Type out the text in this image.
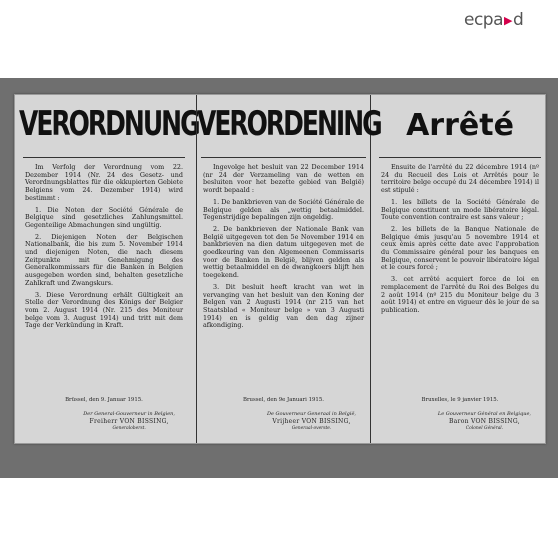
ecpa▶d
VERORDNUNG

Im Verfolg der Verordnung vom 22. Dezember 1914 (Nr. 24 des Gesetz- und Verordnungsblattes für die okkupierten Gebiete Belgiens vom 24. Dezember 1914) wird bestimmt :

1. Die Noten der Société Générale de Belgique sind gesetzliches Zahlungsmittel. Gegenteilige Abmachungen sind ungültig.

2. Diejenigen Noten der Belgischen Nationalbank, die bis zum 5. November 1914 und diejenigen Noten, die nach diesem Zeitpunkte mit Genehmigung des Generalkommissars für die Banken in Belgien ausgegeben worden sind, behalten gesetzliche Zahlkraft und Zwangskurs.

3. Diese Verordnung erhält Gültigkeit an Stelle der Verordnung des Königs der Belgier vom 2. August 1914 (Nr. 215 des Moniteur belge vom 3. August 1914) und tritt mit dem Tage der Verkündung in Kraft.

Brüssel, den 9. Januar 1915.
Der General-Gouverneur in Belgien,
Freiherr VON BISSING,
Generaloberst.
VERORDENING

Ingevolge het besluit van 22 December 1914 (nr 24 der Verzameling van de wetten en besluiten voor het bezette gebied van België) wordt bepaald :

1. De bankbrieven van de Société Générale de Belgique gelden als „wettig betaalmiddel. Tegenstrijdige bepalingen zijn ongeldig.

2. De bankbrieven der Nationale Bank van België uitgegeven tot den 5e November 1914 en bankbrieven na dien datum uitgegeven met de goedkeuring van den Algemeenen Commissaris voor de Banken in België, blijven gelden als wettig betaalmiddel en de dwangkoers blijft hen toegekend.

3. Dit besluit heeft kracht van wet in vervanging van het besluit van den Koning der Belgen van 2 Augusti 1914 (nr 215 van het Staatsblad « Moniteur belge » van 3 Augusti 1914) en is geldig van den dag zijner afkondiging.

Brussel, den 9e Januari 1915.
De Gouverneur Generaal in België,
Vrijheer VON BISSING,
Generaal-overste.
Arrêté

Ensuite de l'arrêté du 22 décembre 1914 (nº 24 du Recueil des Lois et Arrêtés pour le territoire belge occupé du 24 décembre 1914) il est stipulé :

1. les billets de la Société Générale de Belgique constituent un mode libératoire légal. Toute convention contraire est sans valeur ;

2. les billets de la Banque Nationale de Belgique émis jusqu'au 5 novembre 1914 et ceux émis après cette date avec l'approbation du Commissaire général pour les banques en Belgique, conservent le pouvoir libératoire légal et le cours forcé ;

3. cet arrêté acquiert force de loi en remplacement de l'arrêté du Roi des Belges du 2 août 1914 (nº 215 du Moniteur belge du 3 août 1914) et entre en vigueur dès le jour de sa publication.

Bruxelles, le 9 janvier 1915.
Le Gouverneur Général en Belgique,
Baron VON BISSING,
Colonel Général.
